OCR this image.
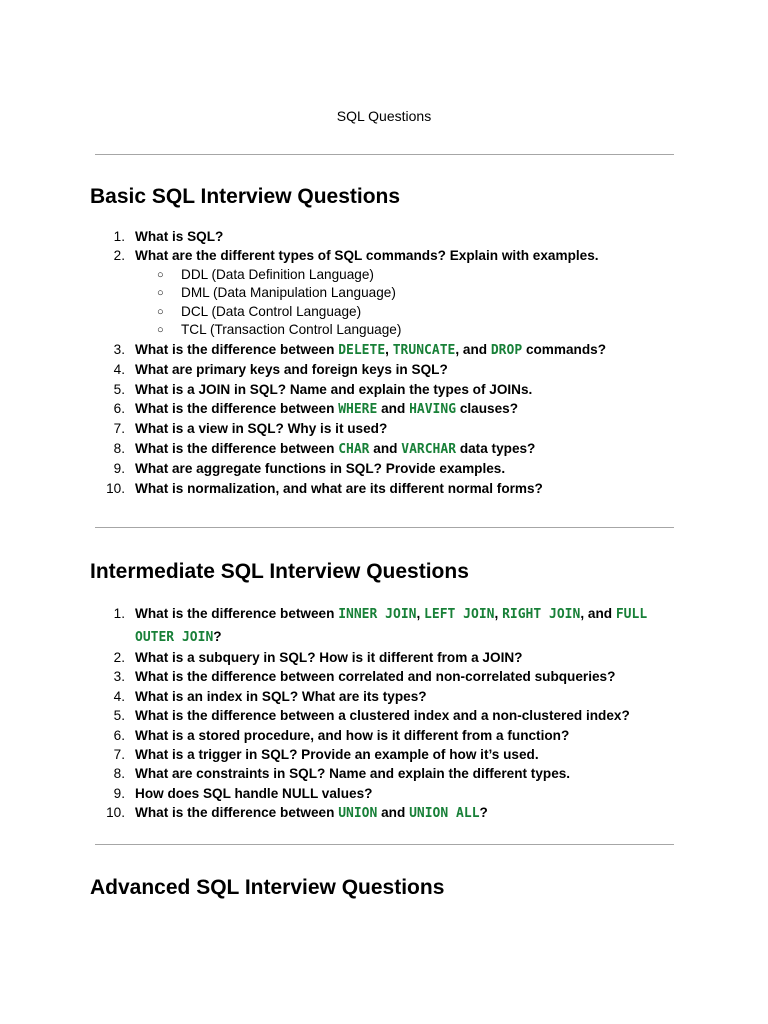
SQL Questions
Basic SQL Interview Questions
1. What is SQL?
2. What are the different types of SQL commands? Explain with examples.
○ DDL (Data Definition Language)
○ DML (Data Manipulation Language)
○ DCL (Data Control Language)
○ TCL (Transaction Control Language)
3. What is the difference between DELETE, TRUNCATE, and DROP commands?
4. What are primary keys and foreign keys in SQL?
5. What is a JOIN in SQL? Name and explain the types of JOINs.
6. What is the difference between WHERE and HAVING clauses?
7. What is a view in SQL? Why is it used?
8. What is the difference between CHAR and VARCHAR data types?
9. What are aggregate functions in SQL? Provide examples.
10. What is normalization, and what are its different normal forms?
Intermediate SQL Interview Questions
1. What is the difference between INNER JOIN, LEFT JOIN, RIGHT JOIN, and FULL OUTER JOIN?
2. What is a subquery in SQL? How is it different from a JOIN?
3. What is the difference between correlated and non-correlated subqueries?
4. What is an index in SQL? What are its types?
5. What is the difference between a clustered index and a non-clustered index?
6. What is a stored procedure, and how is it different from a function?
7. What is a trigger in SQL? Provide an example of how it’s used.
8. What are constraints in SQL? Name and explain the different types.
9. How does SQL handle NULL values?
10. What is the difference between UNION and UNION ALL?
Advanced SQL Interview Questions
